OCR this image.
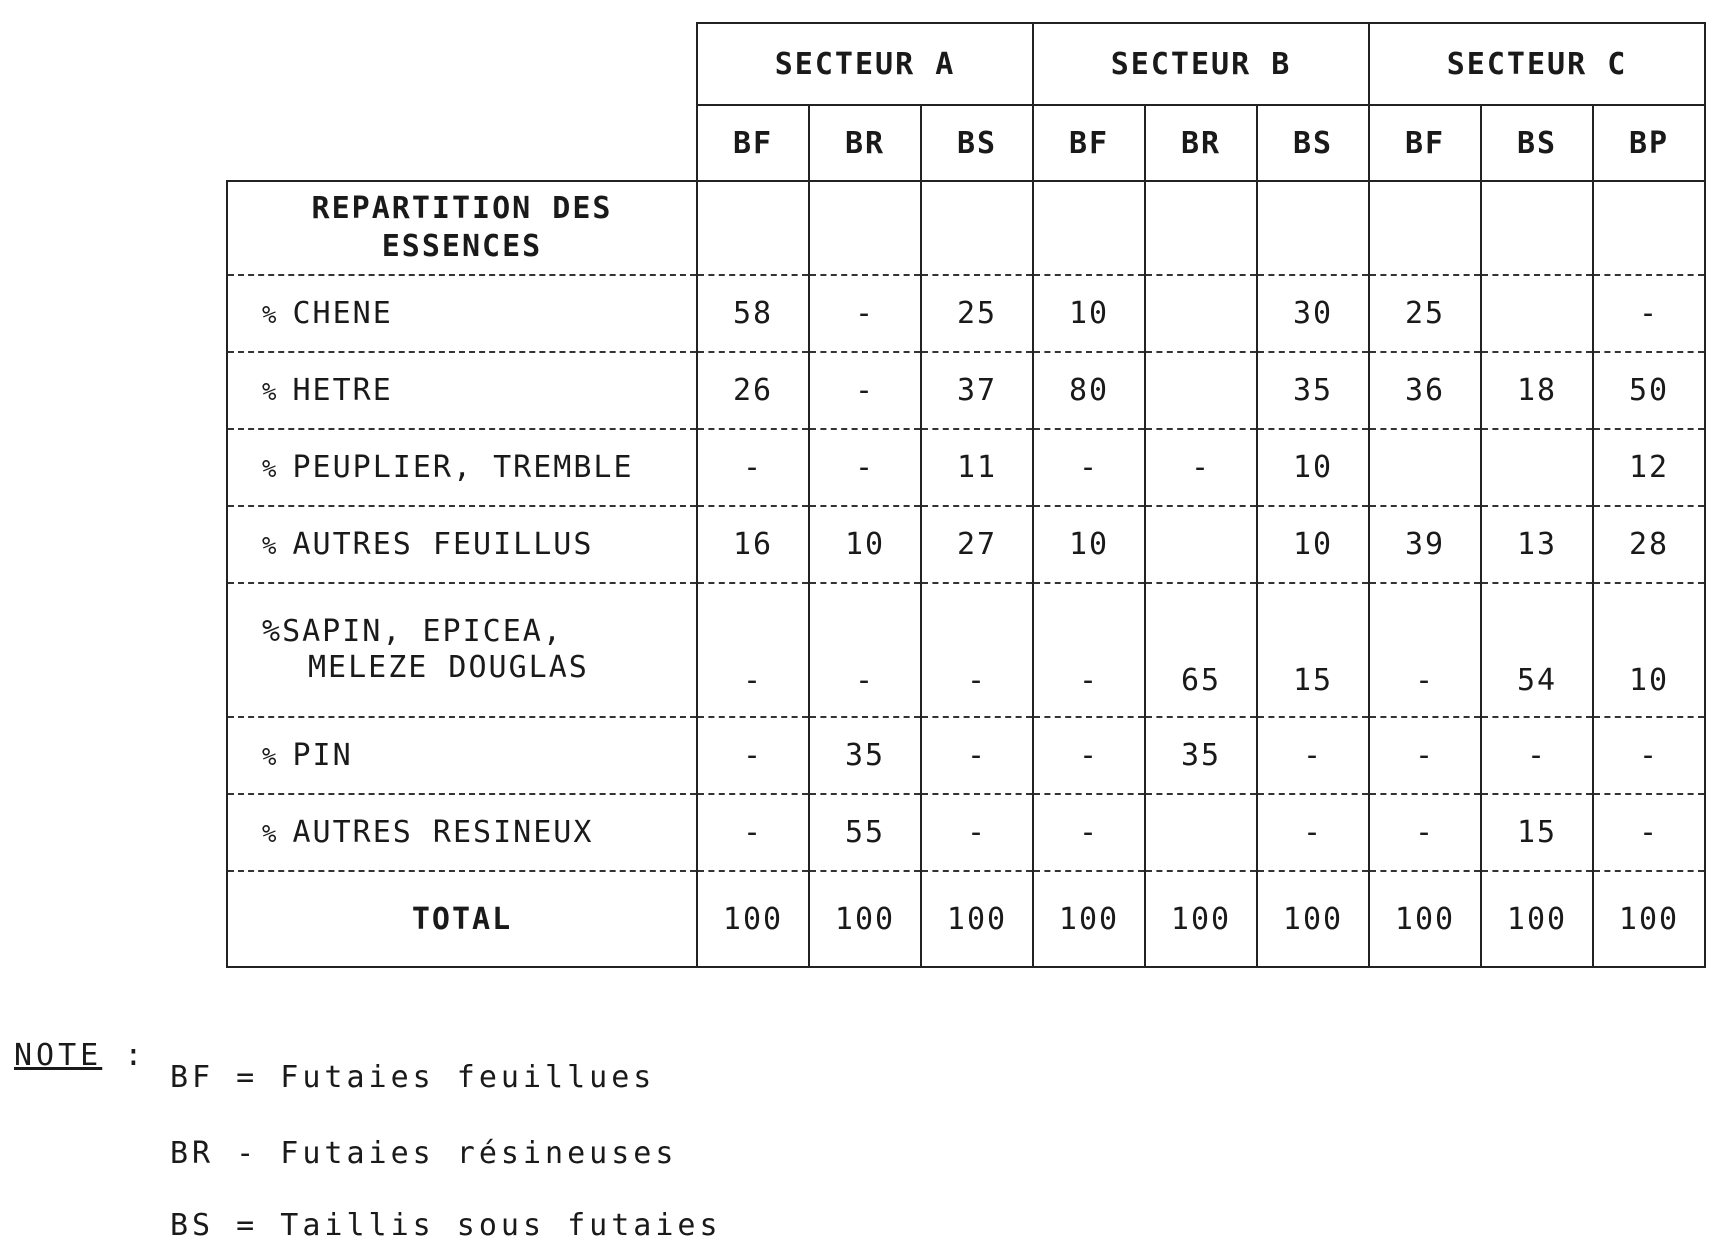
	SECTEUR A			SECTEUR B			SECTEUR C		
	BF	BR	BS	BF	BR	BS	BF	BS	BP

REPARTITION DES
ESSENCES									

% CHENE	58	-	25	10		30	25		-
% HETRE	26	-	37	80		35	36	18	50
% PEUPLIER, TREMBLE	-	-	11	-	-	10			12
% AUTRES FEUILLUS	16	10	27	10		10	39	13	28

%SAPIN, EPICEA,
MELEZE DOUGLAS	-	-	-	-	65	15	-	54	10
% PIN	-	35	-	-	35	-	-	-	-
% AUTRES RESINEUX	-	55	-	-		-	-	15	-
TOTAL	100	100	100	100	100	100	100	100	100
NOTE :
BF = Futaies feuillues
BR - Futaies résineuses
BS = Taillis sous futaies
